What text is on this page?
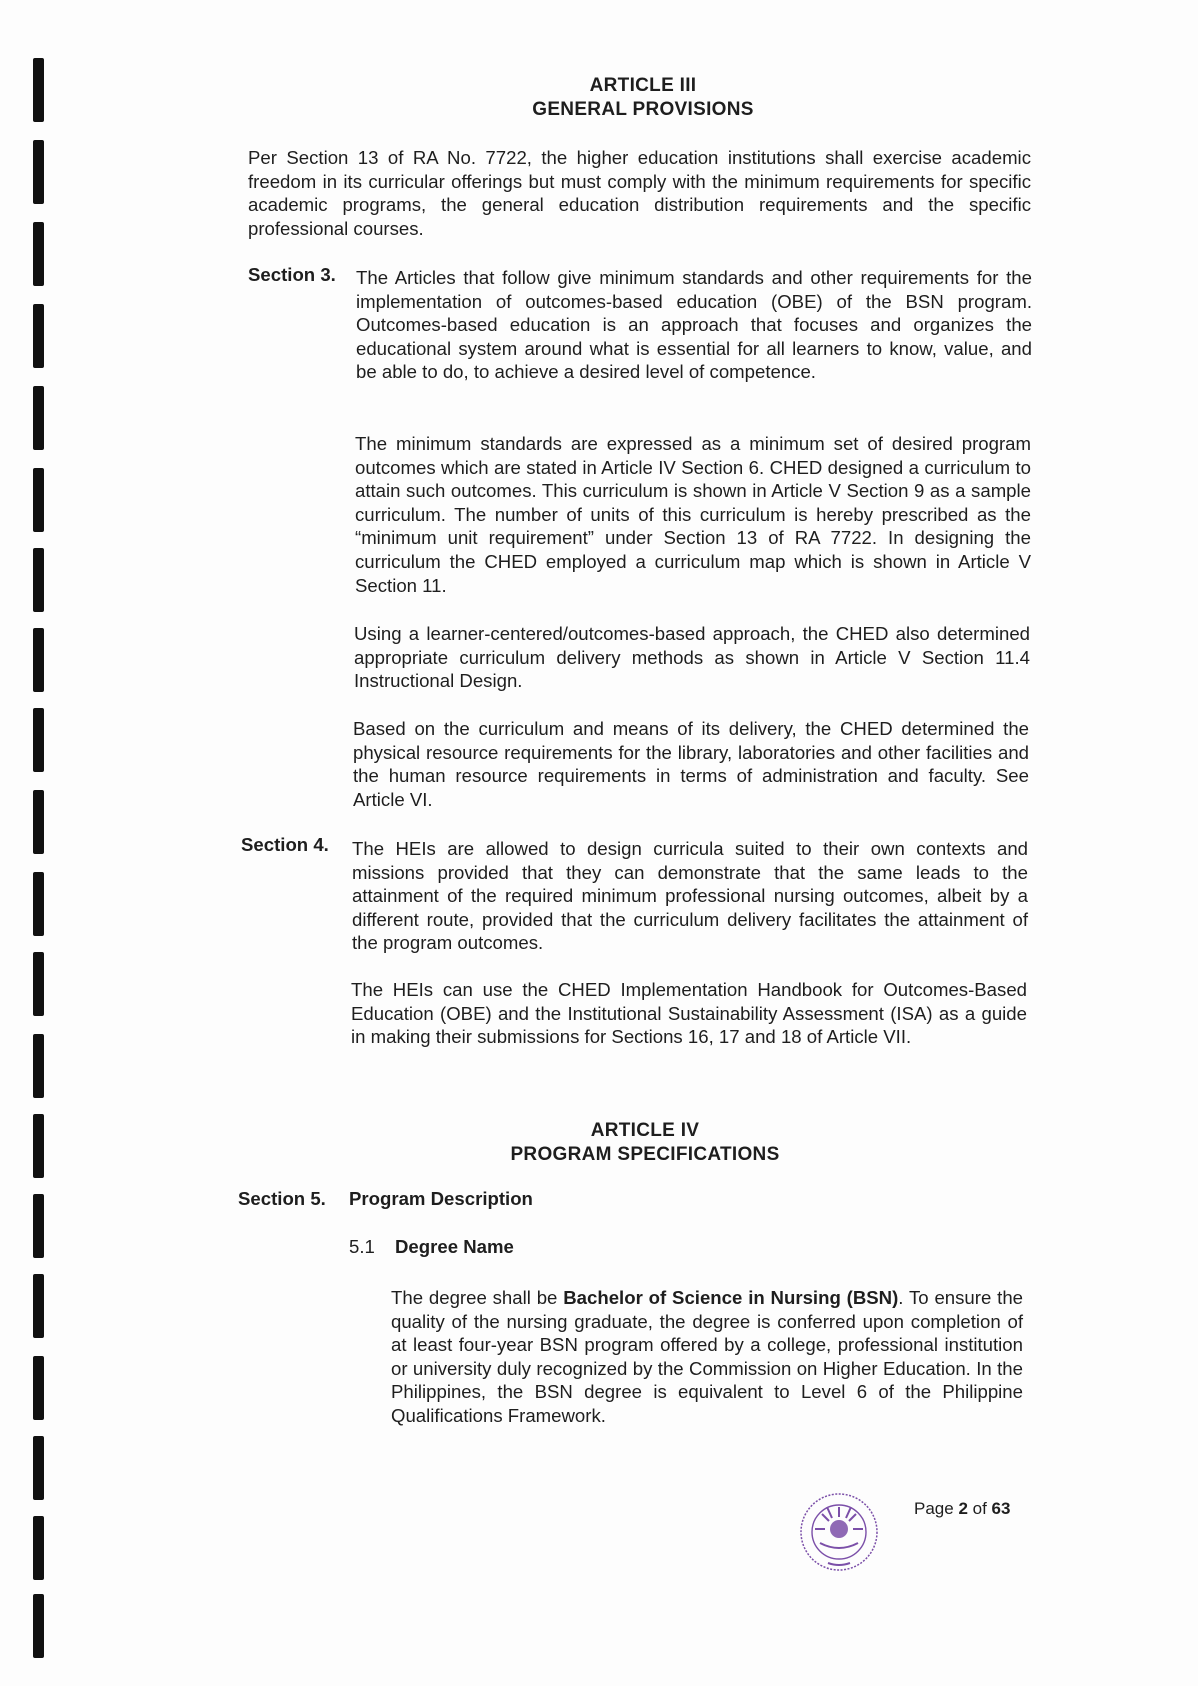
ARTICLE III
GENERAL PROVISIONS

Per Section 13 of RA No. 7722, the higher education institutions shall exercise academic freedom in its curricular offerings but must comply with the minimum requirements for specific academic programs, the general education distribution requirements and the specific professional courses.

Section 3. The Articles that follow give minimum standards and other requirements for the implementation of outcomes-based education (OBE) of the BSN program. Outcomes-based education is an approach that focuses and organizes the educational system around what is essential for all learners to know, value, and be able to do, to achieve a desired level of competence.

The minimum standards are expressed as a minimum set of desired program outcomes which are stated in Article IV Section 6. CHED designed a curriculum to attain such outcomes. This curriculum is shown in Article V Section 9 as a sample curriculum. The number of units of this curriculum is hereby prescribed as the “minimum unit requirement” under Section 13 of RA 7722. In designing the curriculum the CHED employed a curriculum map which is shown in Article V Section 11.

Using a learner-centered/outcomes-based approach, the CHED also determined appropriate curriculum delivery methods as shown in Article V Section 11.4 Instructional Design.

Based on the curriculum and means of its delivery, the CHED determined the physical resource requirements for the library, laboratories and other facilities and the human resource requirements in terms of administration and faculty. See Article VI.

Section 4. The HEIs are allowed to design curricula suited to their own contexts and missions provided that they can demonstrate that the same leads to the attainment of the required minimum professional nursing outcomes, albeit by a different route, provided that the curriculum delivery facilitates the attainment of the program outcomes.

The HEIs can use the CHED Implementation Handbook for Outcomes-Based Education (OBE) and the Institutional Sustainability Assessment (ISA) as a guide in making their submissions for Sections 16, 17 and 18 of Article VII.

ARTICLE IV
PROGRAM SPECIFICATIONS
Section 5. Program Description
5.1 Degree Name

The degree shall be Bachelor of Science in Nursing (BSN). To ensure the quality of the nursing graduate, the degree is conferred upon completion of at least four-year BSN program offered by a college, professional institution or university duly recognized by the Commission on Higher Education. In the Philippines, the BSN degree is equivalent to Level 6 of the Philippine Qualifications Framework.

Page 2 of 63
